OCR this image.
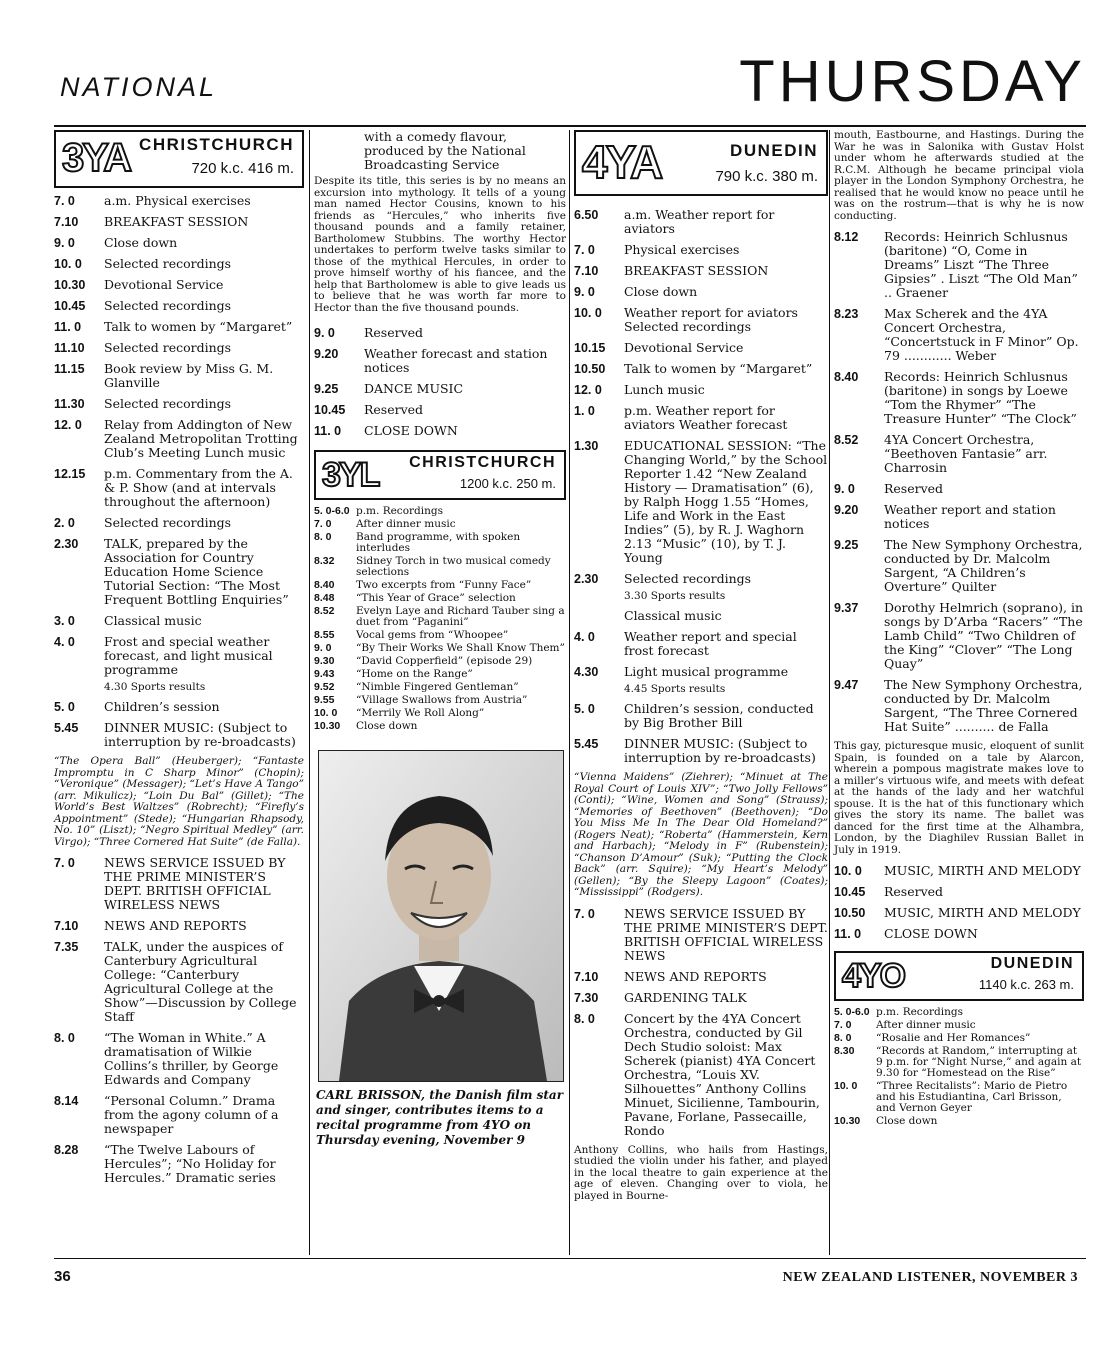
NATIONAL	THURSDAY
3YA CHRISTCHURCH
720 k.c. 416 m.
7. 0	a.m. Physical exercises
7.10	BREAKFAST SESSION
9. 0	Close down
10. 0	Selected recordings
10.30	Devotional Service
10.45	Selected recordings
11. 0	Talk to women by “Margaret”
11.10	Selected recordings
11.15	Book review by Miss G. M. Glanville
11.30	Selected recordings
12. 0	Relay from Addington of New Zealand Metropolitan Trotting Club’s Meeting Lunch music
12.15	p.m. Commentary from the A. & P. Show (and at intervals throughout the afternoon)
2. 0	Selected recordings
2.30	TALK, prepared by the Association for Country Education Home Science Tutorial Section: “The Most Frequent Bottling Enquiries”
3. 0	Classical music
4. 0	Frost and special weather forecast, and light musical programme
4.30 Sports results
5. 0	Children’s session
5.45	DINNER MUSIC: (Subject to interruption by re-broadcasts)
“The Opera Ball” (Heuberger); “Fantaste Impromptu in C Sharp Minor” (Chopin); “Veronique” (Messager); “Let’s Have A Tango” (arr. Mikulicz); “Loin Du Bal” (Gillet); “The World’s Best Waltzes” (Robrecht); “Firefly’s Appointment” (Stede); “Hungarian Rhapsody, No. 10” (Liszt); “Negro Spiritual Medley” (arr. Virgo); “Three Cornered Hat Suite” (de Falla).
7. 0	NEWS SERVICE ISSUED BY THE PRIME MINISTER’S DEPT. BRITISH OFFICIAL WIRELESS NEWS
7.10	NEWS AND REPORTS
7.35	TALK, under the auspices of Canterbury Agricultural College: “Canterbury Agricultural College at the Show”—Discussion by College Staff
8. 0	“The Woman in White.” A dramatisation of Wilkie Collins’s thriller, by George Edwards and Company
8.14	“Personal Column.” Drama from the agony column of a newspaper
8.28	“The Twelve Labours of Hercules”; “No Holiday for Hercules.” Dramatic series
with a comedy flavour, produced by the National Broadcasting Service
Despite its title, this series is by no means an excursion into mythology. It tells of a young man named Hector Cousins, known to his friends as “Hercules,” who inherits five thousand pounds and a family retainer, Bartholomew Stubbins. The worthy Hector undertakes to perform twelve tasks similar to those of the mythical Hercules, in order to prove himself worthy of his fiancee, and the help that Bartholomew is able to give leads us to believe that he was worth far more to Hector than the five thousand pounds.
9. 0	Reserved
9.20	Weather forecast and station notices
9.25	DANCE MUSIC
10.45	Reserved
11. 0	CLOSE DOWN
3YL CHRISTCHURCH
1200 k.c. 250 m.
5. 0-6.0 p.m. Recordings
7. 0	After dinner music
8. 0	Band programme, with spoken interludes
8.32	Sidney Torch in two musical comedy selections
8.40	Two excerpts from “Funny Face”
8.48	“This Year of Grace” selection
8.52	Evelyn Laye and Richard Tauber sing a duet from “Paganini”
8.55	Vocal gems from “Whoopee”
9. 0	“By Their Works We Shall Know Them”
9.30	“David Copperfield” (episode 29)
9.43	“Home on the Range”
9.52	“Nimble Fingered Gentleman”
9.55	“Village Swallows from Austria”
10. 0	“Merrily We Roll Along”
10.30	Close down
CARL BRISSON, the Danish film star and singer, contributes items to a recital programme from 4YO on Thursday evening, November 9
4YA	DUNEDIN
790 k.c. 380 m.
6.50	a.m. Weather report for aviators
7. 0	Physical exercises
7.10	BREAKFAST SESSION
9. 0	Close down
10. 0	Weather report for aviators Selected recordings
10.15	Devotional Service
10.50	Talk to women by “Margaret”
12. 0	Lunch music
1. 0	p.m. Weather report for aviators Weather forecast
1.30	EDUCATIONAL SESSION: “The Changing World,” by the School Reporter 1.42 “New Zealand History — Dramatisation” (6), by Ralph Hogg 1.55 “Homes, Life and Work in the East Indies” (5), by R. J. Waghorn 2.13 “Music” (10), by T. J. Young
2.30	Selected recordings
3.30 Sports results
Classical music
4. 0	Weather report and special frost forecast
4.30	Light musical programme
4.45 Sports results
5. 0	Children’s session, conducted by Big Brother Bill
5.45	DINNER MUSIC: (Subject to interruption by re-broadcasts)
“Vienna Maidens” (Ziehrer); “Minuet at The Royal Court of Louis XIV”; “Two Jolly Fellows” (Conti); “Wine, Women and Song” (Strauss); “Memories of Beethoven” (Beethoven); “Do You Miss Me In The Dear Old Homeland?” (Rogers Neat); “Roberta” (Hammerstein, Kern and Harbach); “Melody in F” (Rubenstein); “Chanson D’Amour” (Suk); “Putting the Clock Back” (arr. Squire); “My Heart’s Melody” (Gellen); “By the Sleepy Lagoon” (Coates); “Mississippi” (Rodgers).
7. 0	NEWS SERVICE ISSUED BY THE PRIME MINISTER’S DEPT. BRITISH OFFICIAL WIRELESS NEWS
7.10	NEWS AND REPORTS
7.30	GARDENING TALK
8. 0	Concert by the 4YA Concert Orchestra, conducted by Gil Dech Studio soloist: Max Scherek (pianist) 4YA Concert Orchestra, “Louis XV. Silhouettes” Anthony Collins Minuet, Sicilienne, Tambourin, Pavane, Forlane, Passecaille, Rondo
Anthony Collins, who hails from Hastings, studied the violin under his father, and played in the local theatre to gain experience at the age of eleven. Changing over to viola, he played in Bourne-
mouth, Eastbourne, and Hastings. During the War he was in Salonika with Gustav Holst under whom he afterwards studied at the R.C.M. Although he became principal viola player in the London Symphony Orchestra, he realised that he would know no peace until he was on the rostrum—that is why he is now conducting.
8.12	Records: Heinrich Schlusnus (baritone) “O, Come in Dreams” Liszt “The Three Gipsies” . Liszt “The Old Man” .. Graener
8.23	Max Scherek and the 4YA Concert Orchestra, “Concertstuck in F Minor” Op. 79 ............ Weber
8.40	Records: Heinrich Schlusnus (baritone) in songs by Loewe “Tom the Rhymer” “The Treasure Hunter” “The Clock”
8.52	4YA Concert Orchestra, “Beethoven Fantasie” arr. Charrosin
9. 0	Reserved
9.20	Weather report and station notices
9.25	The New Symphony Orchestra, conducted by Dr. Malcolm Sargent, “A Children’s Overture” Quilter
9.37	Dorothy Helmrich (soprano), in songs by D’Arba “Racers” “The Lamb Child” “Two Children of the King” “Clover” “The Long Quay”
9.47	The New Symphony Orchestra, conducted by Dr. Malcolm Sargent, “The Three Cornered Hat Suite” .......... de Falla
This gay, picturesque music, eloquent of sunlit Spain, is founded on a tale by Alarcon, wherein a pompous magistrate makes love to a miller’s virtuous wife, and meets with defeat at the hands of the lady and her watchful spouse. It is the hat of this functionary which gives the story its name. The ballet was danced for the first time at the Alhambra, London, by the Diaghilev Russian Ballet in July in 1919.
10. 0	MUSIC, MIRTH AND MELODY
10.45	Reserved
10.50	MUSIC, MIRTH AND MELODY
11. 0	CLOSE DOWN
4YO	DUNEDIN
1140 k.c. 263 m.
5. 0-6.0 p.m. Recordings
7. 0	After dinner music
8. 0	“Rosalie and Her Romances”
8.30	“Records at Random,” interrupting at 9 p.m. for “Night Nurse,” and again at 9.30 for “Homestead on the Rise”
10. 0	“Three Recitalists”: Mario de Pietro and his Estudiantina, Carl Brisson, and Vernon Geyer
10.30	Close down
36	NEW ZEALAND LISTENER, NOVEMBER 3
